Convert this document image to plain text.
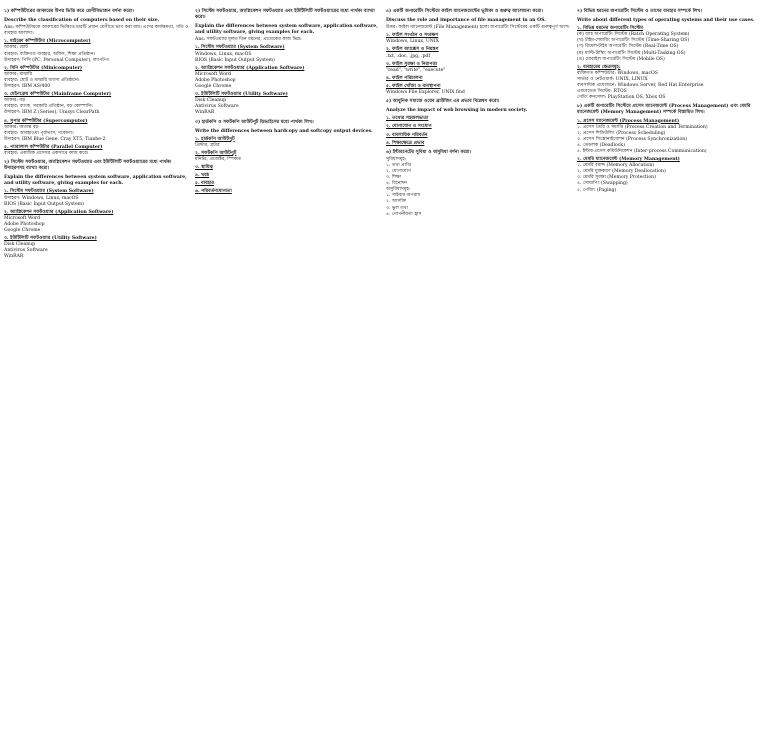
১) কম্পিউটারের আকারের উপর ভিত্তি করে শ্রেণীবিভাজন বর্ণনা করো।
Describe the classification of computers based on their size.
Ans: কম্পিউটারকে আকারের ভিত্তিতে চারটি প্রধান শ্রেণীতে ভাগ করা যায়। এদের কার্যক্ষমতা, গতি ও ব্যবহার আলাদা।
১. মাইক্রো কম্পিউটার (Microcomputer)
আকার: ছোট
ব্যবহার: ব্যক্তিগত ব্যবহার, অফিস, শিক্ষা প্রতিষ্ঠান।
উদাহরণ: পিসি (PC, Personal Computer), ল্যাপটপ।
২. মিনি কম্পিউটার (Minicomputer)
আকার: মাঝারি
ব্যবহার: ছোট ও মাঝারি ব্যবসা প্রতিষ্ঠানে।
উদাহরণ: IBM AS/400
৩. মেইনফ্রেম কম্পিউটার (Mainframe Computer)
আকার: বড়
ব্যবহার: ব্যাংক, সরকারি প্রতিষ্ঠান, বড় কোম্পানি।
উদাহরণ: IBM Z (Series), Unisys ClearPath
৪. সুপার কম্পিউটার (Supercomputer)
আকার: অত্যন্ত বড়
ব্যবহার: আবহাওয়া পূর্বাভাস, গবেষণা।
উদাহরণ: IBM Blue Gene, Cray XT5, Tianhe-2
৫. প্যারালাল কম্পিউটার (Parallel Computer)
ব্যবহার: একাধিক প্রসেসর একসাথে কাজ করে।
২) সিস্টেম সফটওয়্যার, অ্যাপ্লিকেশন সফটওয়্যার এবং ইউটিলিটি সফটওয়্যারের মধ্যে পার্থক্য উদাহরণসহ ব্যাখ্যা করো।
Explain the differences between system software, application software, and utility software, giving examples for each.
১. সিস্টেম সফটওয়্যার (System Software)
উদাহরণ: Windows, Linux, macOS
BIOS (Basic Input Output System)
২. অ্যাপ্লিকেশন সফটওয়্যার (Application Software)
Microsoft Word
Adobe Photoshop
Google Chrome
৩. ইউটিলিটি সফটওয়্যার (Utility Software)
Disk Cleanup
Antivirus Software
WinRAR
২) সিস্টেম সফটওয়্যার, অ্যাপ্লিকেশন সফটওয়্যার এবং ইউটিলিটি সফটওয়্যারের মধ্যে পার্থক্য ব্যাখ্যা করো।
Explain the differences between system software, application software, and utility software, giving examples for each.
Ans: সফটওয়্যার মূলত তিন ধরনের, প্রত্যেকের কাজ ভিন্ন।
১. সিস্টেম সফটওয়্যার (System Software)
Windows, Linux, macOS
BIOS (Basic Input Output System)
২. অ্যাপ্লিকেশন সফটওয়্যার (Application Software)
Microsoft Word
Adobe Photoshop
Google Chrome
৩. ইউটিলিটি সফটওয়্যার (Utility Software)
Disk Cleanup
Antivirus Software
WinRAR
৩) হার্ডকপি ও সফটকপি আউটপুট ডিভাইসের মধ্যে পার্থক্য লিখ।
Write the differences between hardcopy and softcopy output devices.
১. হার্ডকপি আউটপুট
প্রিন্টার, প্লটার
২. সফটকপি আউটপুট
মনিটর, প্রজেক্টর, স্পিকার
৩. স্থায়িত্ব
৪. খরচ
৫. ব্যবহার
৬. পরিবর্তনযোগ্যতা
৪) একটি অপারেটিং সিস্টেমে ফাইল ম্যানেজমেন্টের ভূমিকা ও গুরুত্ব আলোচনা করো।
Discuss the role and importance of file management in an OS.
উত্তর: ফাইল ম্যানেজমেন্ট (File Management) হলো অপারেটিং সিস্টেমের একটি গুরুত্বপূর্ণ অংশ।
১. ফাইল সংগঠন ও সংরক্ষণ
Windows, Linux, UNIX
২. ফাইল অ্যাক্সেস ও নিয়ন্ত্রণ
.txt, .doc, .jpg, .pdf
৩. ফাইল সুরক্ষা ও নিরাপত্তা
"read", "write", "execute"
৪. ফাইল পরিচালনা
৫. ফাইল খোঁজা ও ব্যবস্থাপনা
Windows File Explorer, UNIX find
৫) আধুনিক সমাজে ওয়েব ব্রাউজিং এর প্রভাব বিশ্লেষণ করো।
Analyze the impact of web browsing in modern society.
১. তথ্যের সহজলভ্যতা
২. যোগাযোগ ও সংযোগ
৩. ব্যবসায়িক পরিবর্তন
৪. শিক্ষাক্ষেত্রে প্রভাব
৬) ইন্টারনেটের সুবিধা ও অসুবিধা বর্ণনা করো।
সুবিধাসমূহ:
১. তথ্য প্রাপ্তি
২. যোগাযোগ
৩. শিক্ষা
৪. বিনোদন
অসুবিধাসমূহ:
১. সাইবার অপরাধ
২. আসক্তি
৩. ভুল তথ্য
৪. গোপনীয়তা হ্রাস
৭) বিভিন্ন ধরনের অপারেটিং সিস্টেম ও তাদের ব্যবহার সম্পর্কে লিখ।
Write about different types of operating systems and their use cases.
১. বিভিন্ন ধরনের অপারেটিং সিস্টেম
(ক) ব্যাচ অপারেটিং সিস্টেম (Batch Operating System)
(খ) টাইম-শেয়ারিং অপারেটিং সিস্টেম (Time-Sharing OS)
(গ) রিয়েল-টাইম অপারেটিং সিস্টেম (Real-Time OS)
(ঘ) মাল্টি-টাস্কিং অপারেটিং সিস্টেম (Multi-Tasking OS)
(ঙ) মোবাইল অপারেটিং সিস্টেম (Mobile OS)
২. ব্যবহারের ক্ষেত্রসমূহ:
ব্যক্তিগত কম্পিউটার: Windows, macOS
সার্ভার ও নেটওয়ার্ক: UNIX, LINUX
ব্যবসায়িক প্রয়োজনে: Windows Server, Red Hat Enterprise
এমবেডেড সিস্টেম: RTOS
গেমিং কনসোল: PlayStation OS, Xbox OS
৮) একটি অপারেটিং সিস্টেমে প্রসেস ম্যানেজমেন্ট (Process Management) এবং মেমরি ম্যানেজমেন্ট (Memory Management) সম্পর্কে বিস্তারিত লিখ।
১. প্রসেস ম্যানেজমেন্ট (Process Management)
১. প্রসেস তৈরি ও সমাপ্তি (Process Creation and Termination)
২. প্রসেস শিডিউলিং (Process Scheduling)
৩. প্রসেস সিঙ্ক্রোনাইজেশন (Process Synchronization)
৪. ডেডলক (Deadlock)
৫. ইন্টার-প্রসেস কমিউনিকেশন (Inter-process Communication)
২. মেমরি ম্যানেজমেন্ট (Memory Management)
১. মেমরি বরাদ্দ (Memory Allocation)
২. মেমরি মুক্তকরণ (Memory Deallocation)
৩. মেমরি সুরক্ষা (Memory Protection)
৪. সোয়াপিং (Swapping)
৫. পেজিং (Paging)
